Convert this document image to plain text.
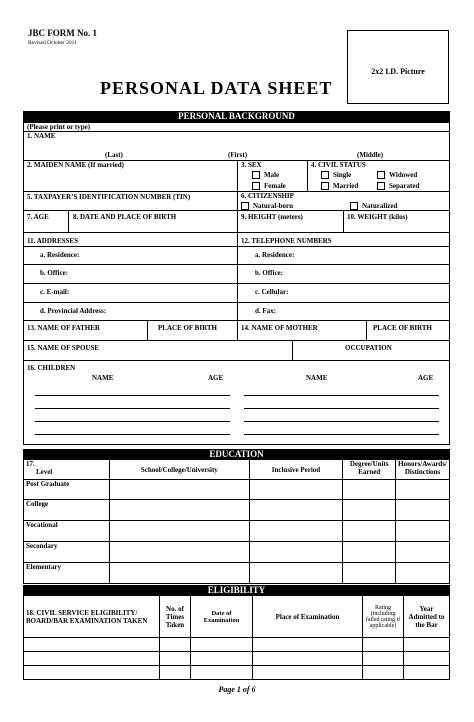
JBC FORM No. 1
Revised October 2011
PERSONAL DATA SHEET
2x2 I.D. Picture
PERSONAL BACKGROUND
(Please print or type)
1. NAME
(Last)	(First)	(Middle)
2. MAIDEN NAME (If married)	3. SEX
Male
Female
4. CIVIL STATUS
Single
Married
Widowed
Separated
5. TAXPAYER’S IDENTIFICATION NUMBER (TIN)	6. CITIZENSHIP
Natural-born	Naturalized
7. AGE	8. DATE AND PLACE OF BIRTH	9. HEIGHT (meters)	10. WEIGHT (kilos)
11. ADDRESSES	12. TELEPHONE NUMBERS
a. Residence:	a. Residence:
b. Office:	b. Office:
c. E-mail:	c. Cellular:
d. Provincial Address:	d. Fax:
13. NAME OF FATHER	PLACE OF BIRTH	14. NAME OF MOTHER	PLACE OF BIRTH
15. NAME OF SPOUSE	OCCUPATION
16. CHILDREN
NAME	AGE	NAME	AGE
EDUCATION
17.
Level	School/College/University	Inclusive Period	Degree/Units Earned	Honors/Awards/ Distinctions
Post Graduate				
College				
Vocational				
Secondary				
Elementary				
ELIGIBILITY
18. CIVIL SERVICE ELIGIBILITY/ BOARD/BAR EXAMINATION TAKEN	No. of Times Taken	Date of Examination	Place of Examination	Rating (including failed rating if applicable)	Year Admitted to the Bar

Page 1 of 6
